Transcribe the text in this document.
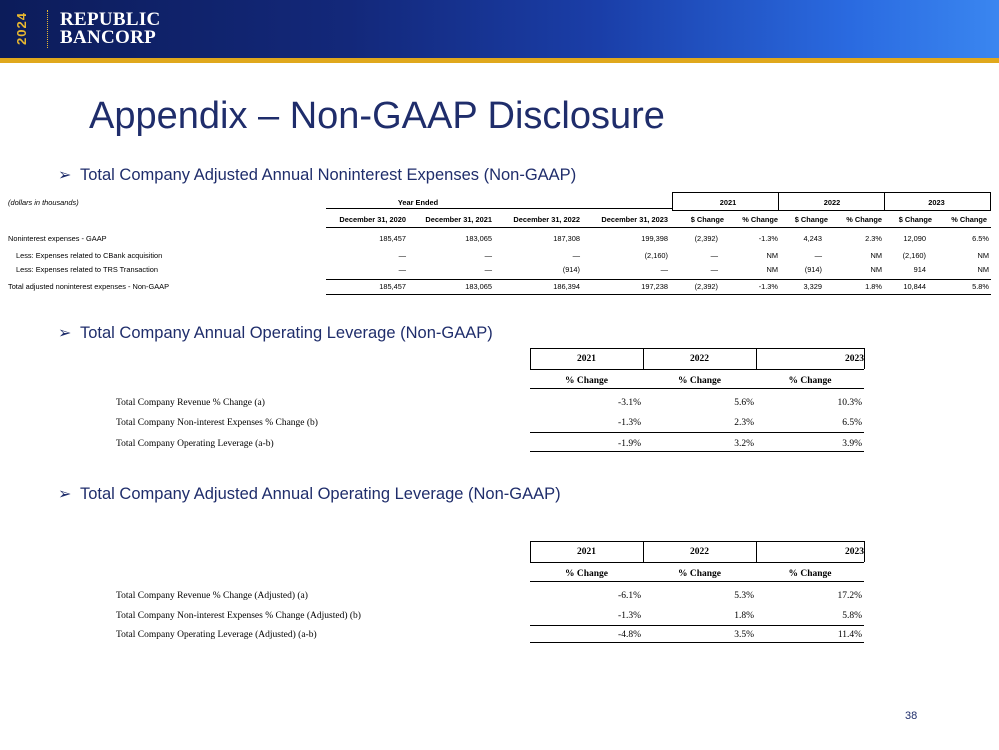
2024	REPUBLIC
BANCORP
Appendix – Non-GAAP Disclosure
➢ Total Company Adjusted Annual Noninterest Expenses (Non-GAAP)
(dollars in thousands)	Year Ended	2021	2022	2023
December 31, 2020	December 31, 2021	December 31, 2022	December 31, 2023	$ Change	% Change	$ Change	% Change	$ Change	% Change
Noninterest expenses - GAAP	185,457	183,065	187,308	199,398	(2,392)	-1.3%	4,243	2.3%	12,090	6.5%
Less: Expenses related to CBank acquisition	—	—	—	(2,160)	—	NM	—	NM	(2,160)	NM
Less: Expenses related to TRS Transaction	—	—	(914)	—	—	NM	(914)	NM	914	NM
Total adjusted noninterest expenses - Non-GAAP	185,457	183,065	186,394	197,238	(2,392)	-1.3%	3,329	1.8%	10,844	5.8%
➢ Total Company Annual Operating Leverage (Non-GAAP)
2021	2022	2023
% Change	% Change	% Change
Total Company Revenue % Change (a)	-3.1%	5.6%	10.3%
Total Company Non-interest Expenses % Change (b)	-1.3%	2.3%	6.5%
Total Company Operating Leverage (a-b)	-1.9%	3.2%	3.9%
➢ Total Company Adjusted Annual Operating Leverage (Non-GAAP)
2021	2022	2023
% Change	% Change	% Change
Total Company Revenue % Change (Adjusted) (a)	-6.1%	5.3%	17.2%
Total Company Non-interest Expenses % Change (Adjusted) (b)	-1.3%	1.8%	5.8%
Total Company Operating Leverage (Adjusted) (a-b)	-4.8%	3.5%	11.4%
38
